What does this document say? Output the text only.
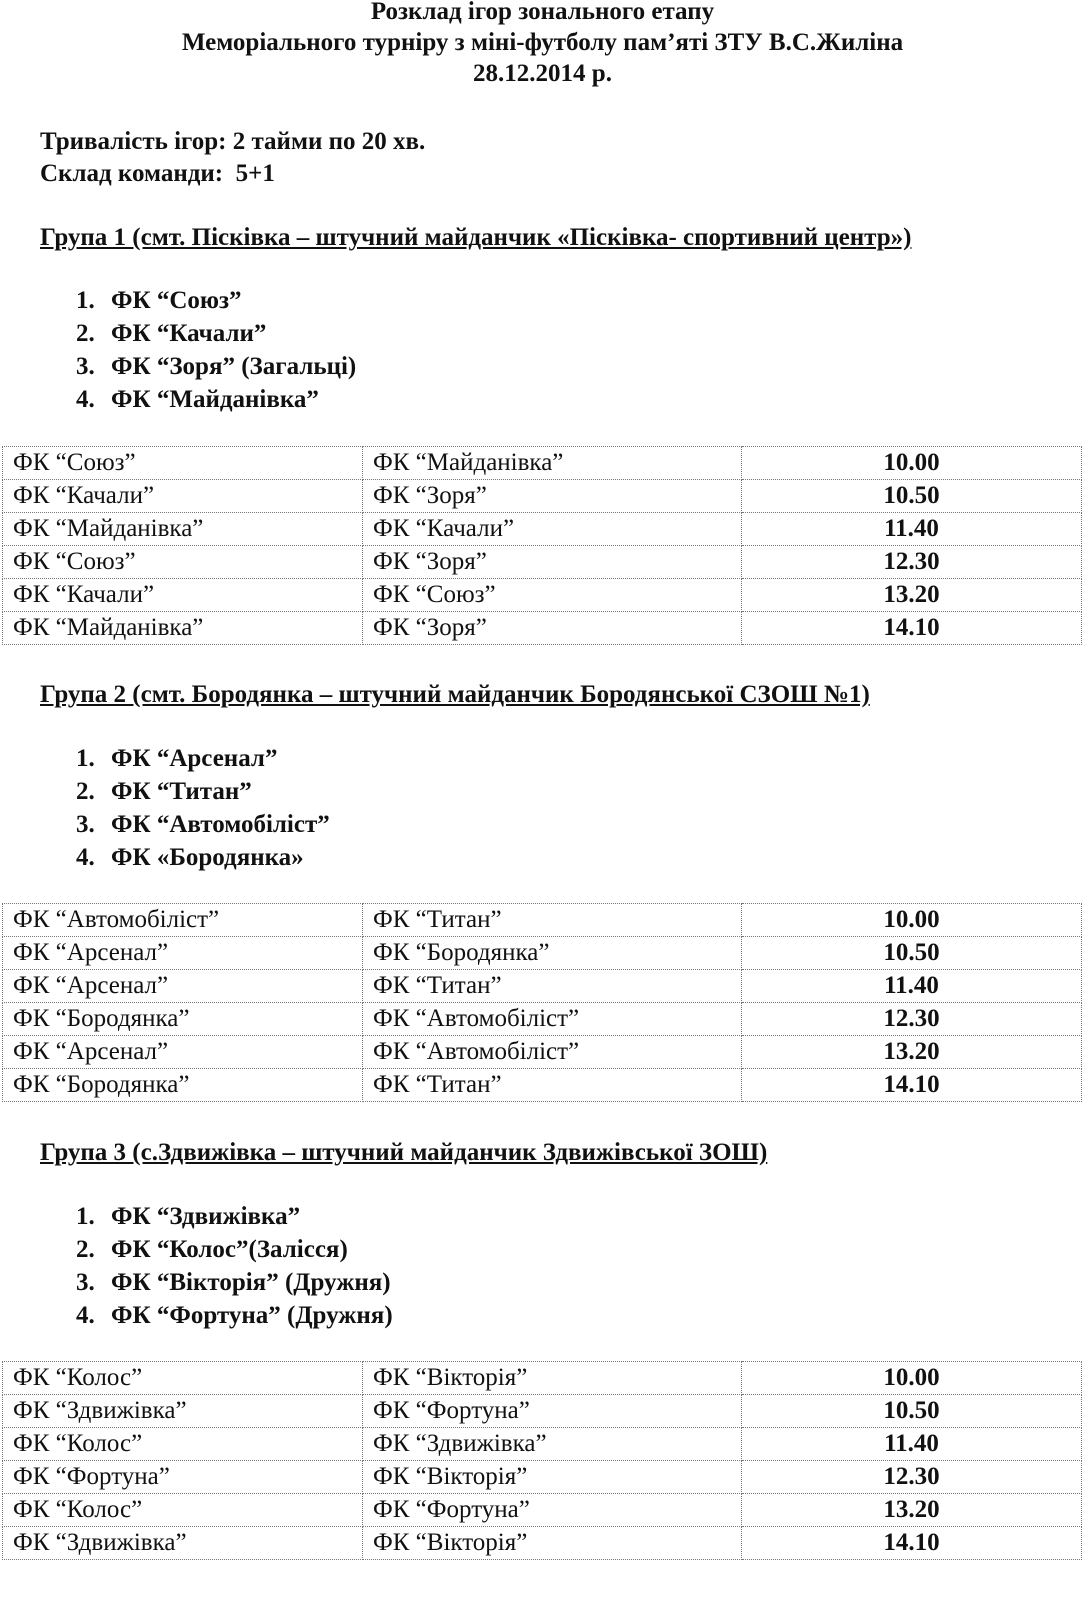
Розклад ігор зонального етапу
Меморіального турніру з міні-футболу пам’яті ЗТУ В.С.Жиліна
28.12.2014 р.
Тривалість ігор: 2 тайми по 20 хв.
Склад команди:  5+1
Група 1 (смт. Пісківка – штучний майданчик «Пісківка- спортивний центр»)
1. ФК “Союз”
2. ФК “Качали”
3. ФК “Зоря” (Загальці)
4. ФК “Майданівка”
ФК “Союз”	ФК “Майданівка”	10.00
ФК “Качали”	ФК “Зоря”	10.50
ФК “Майданівка”	ФК “Качали”	11.40
ФК “Союз”	ФК “Зоря”	12.30
ФК “Качали”	ФК “Союз”	13.20
ФК “Майданівка”	ФК “Зоря”	14.10
Група 2 (смт. Бородянка – штучний майданчик Бородянської СЗОШ №1)
1. ФК “Арсенал”
2. ФК “Титан”
3. ФК “Автомобіліст”
4. ФК «Бородянка»
ФК “Автомобіліст”	ФК “Титан”	10.00
ФК “Арсенал”	ФК “Бородянка”	10.50
ФК “Арсенал”	ФК “Титан”	11.40
ФК “Бородянка”	ФК “Автомобіліст”	12.30
ФК “Арсенал”	ФК “Автомобіліст”	13.20
ФК “Бородянка”	ФК “Титан”	14.10
Група 3 (с.Здвижівка – штучний майданчик Здвижівської ЗОШ)
1. ФК “Здвижівка”
2. ФК “Колос”(Залісся)
3. ФК “Вікторія” (Дружня)
4. ФК “Фортуна” (Дружня)
ФК “Колос”	ФК “Вікторія”	10.00
ФК “Здвижівка”	ФК “Фортуна”	10.50
ФК “Колос”	ФК “Здвижівка”	11.40
ФК “Фортуна”	ФК “Вікторія”	12.30
ФК “Колос”	ФК “Фортуна”	13.20
ФК “Здвижівка”	ФК “Вікторія”	14.10
